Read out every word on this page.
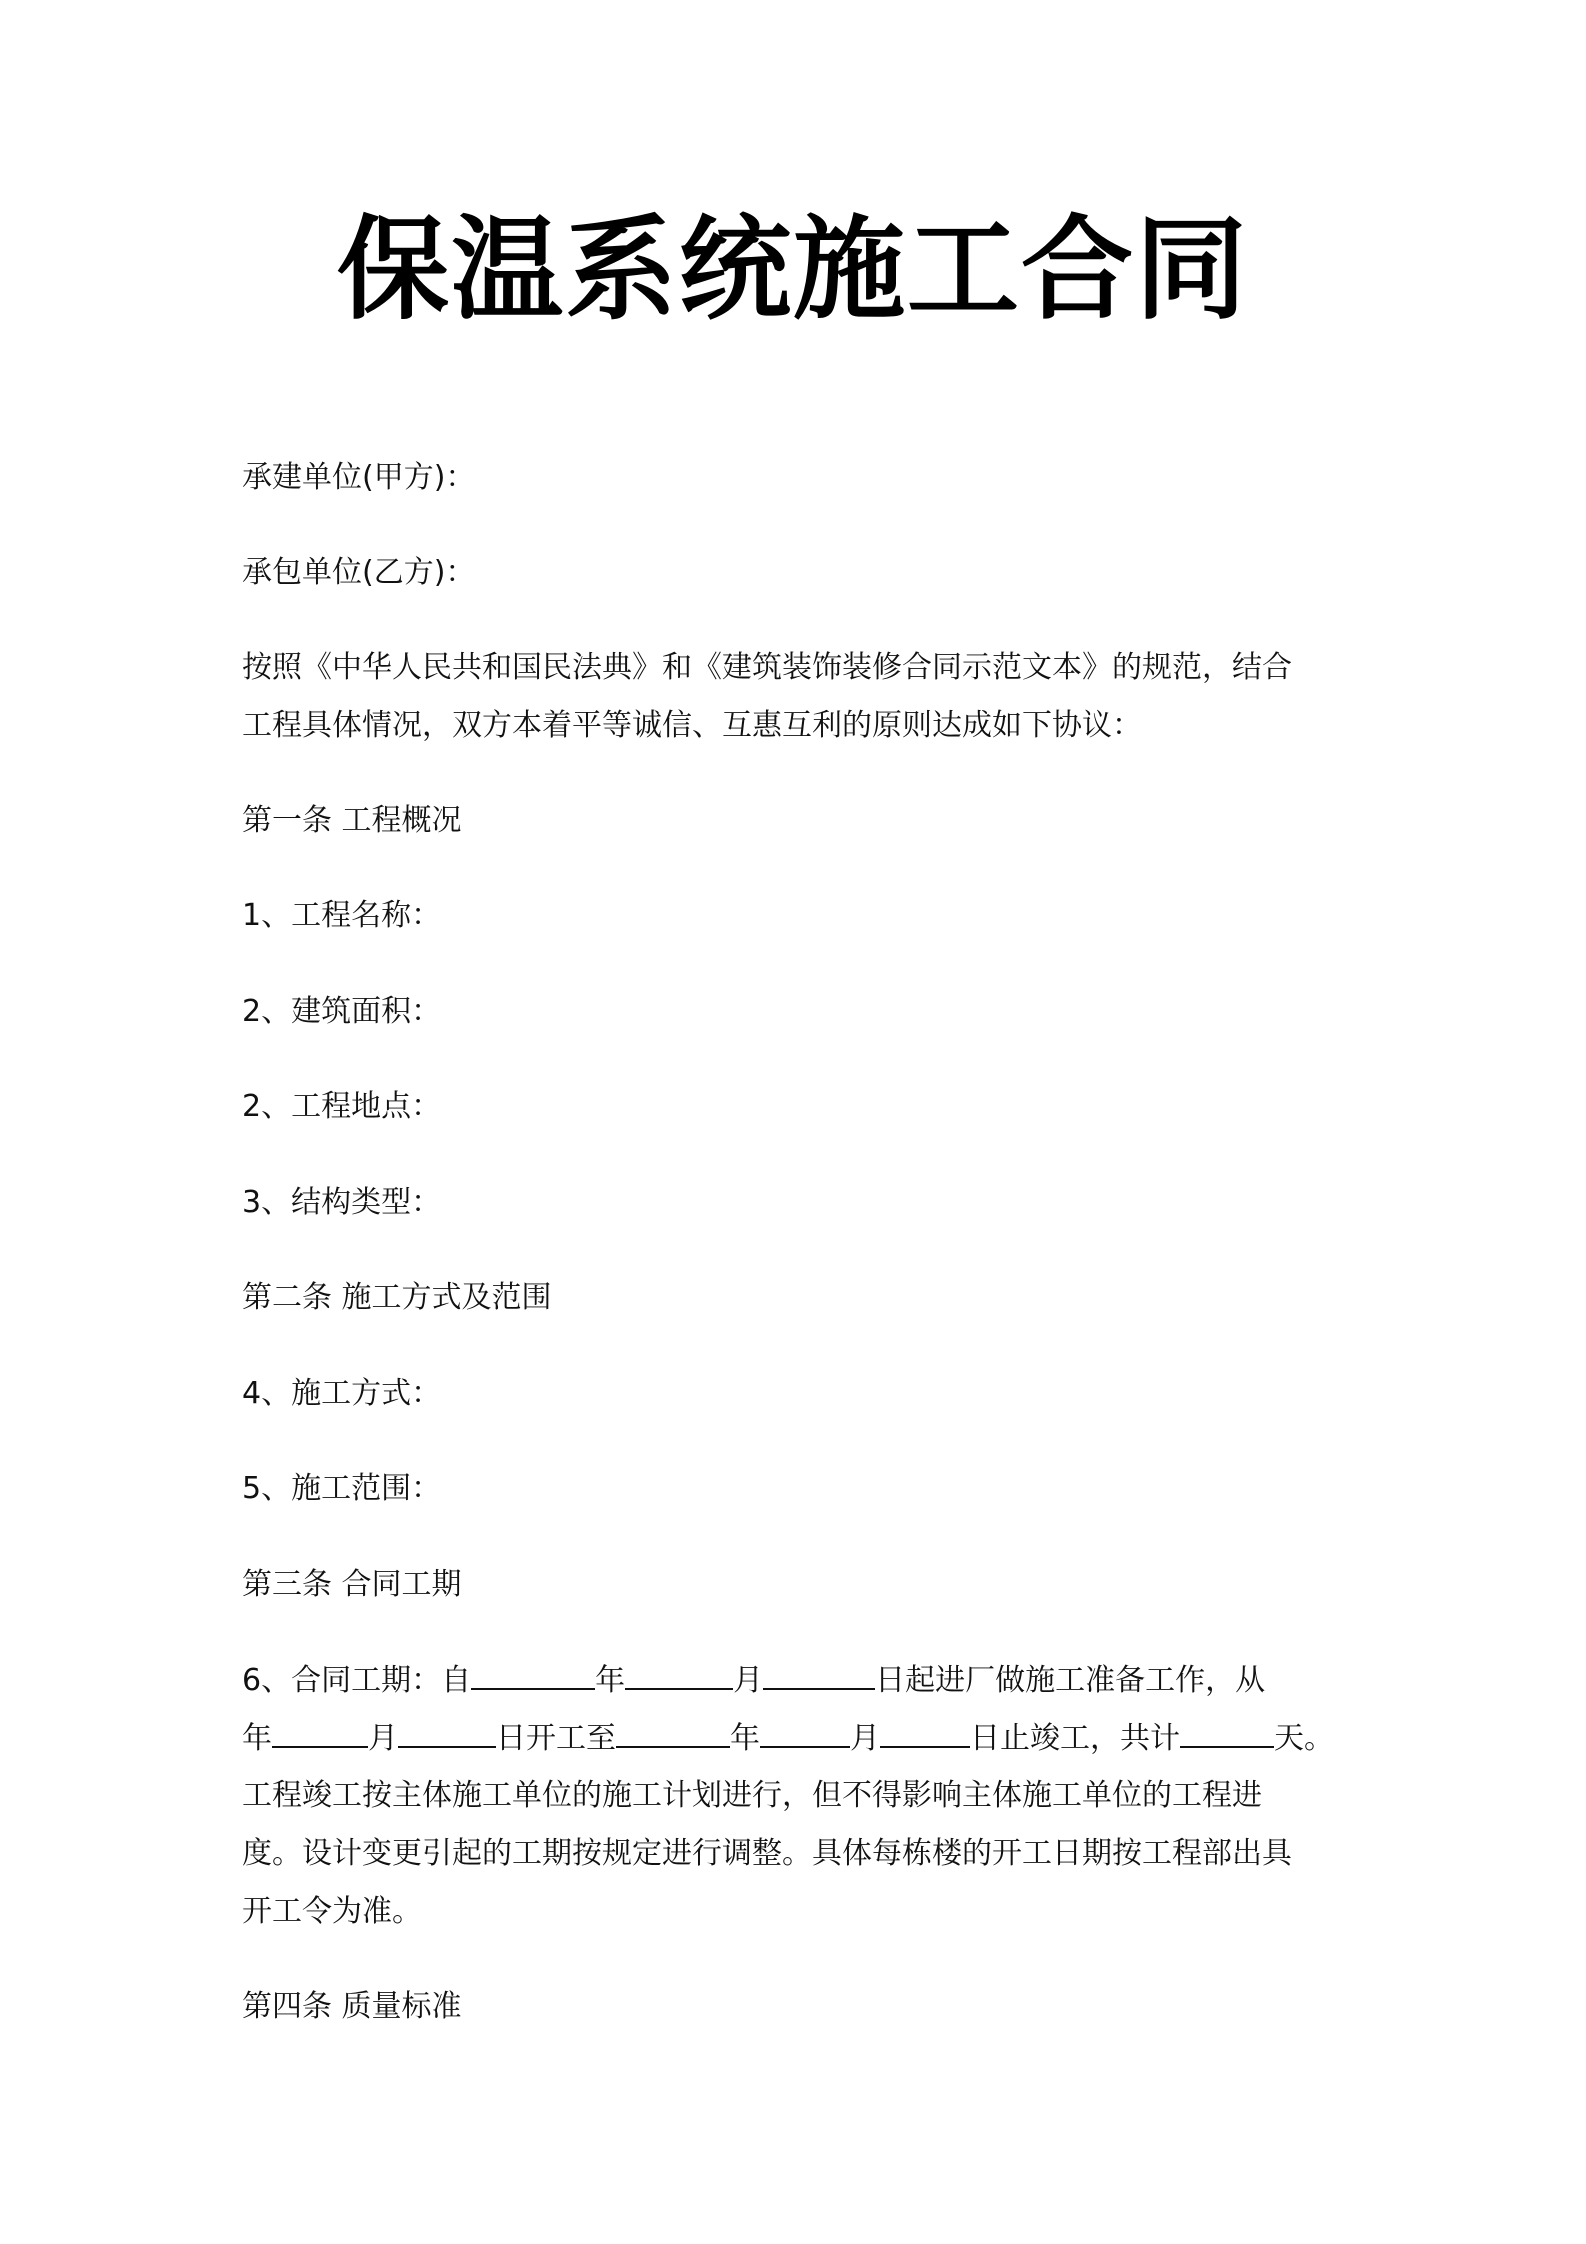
保温系统施工合同
承建单位(甲方)：
承包单位(乙方)：
按照《中华人民共和国民法典》和《建筑装饰装修合同示范文本》的规范，结合
工程具体情况，双方本着平等诚信、互惠互利的原则达成如下协议：
第一条 工程概况
1、工程名称：
2、建筑面积：
2、工程地点：
3、结构类型：
第二条 施工方式及范围
4、施工方式：
5、施工范围：
第三条 合同工期
6、合同工期：自	年	月	日起进厂做施工准备工作，从
年	月	日开工至	年	月	日止竣工，共计	天。
工程竣工按主体施工单位的施工计划进行，但不得影响主体施工单位的工程进
度。设计变更引起的工期按规定进行调整。具体每栋楼的开工日期按工程部出具
开工令为准。
第四条 质量标准
